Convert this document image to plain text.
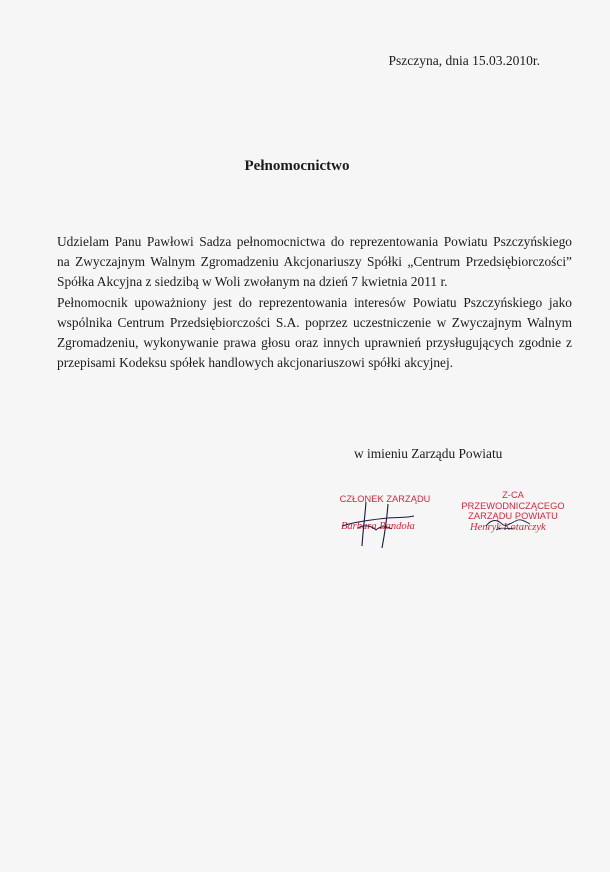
Pszczyna, dnia 15.03.2010r.
Pełnomocnictwo
Udzielam Panu Pawłowi Sadza pełnomocnictwa do reprezentowania Powiatu Pszczyńskiego
na Zwyczajnym Walnym Zgromadzeniu Akcjonariuszy Spółki „Centrum Przedsiębiorczości”
Spółka Akcyjna z siedzibą w Woli zwołanym na dzień 7 kwietnia 2011 r.
Pełnomocnik upoważniony jest do reprezentowania interesów Powiatu Pszczyńskiego jako
wspólnika Centrum Przedsiębiorczości S.A. poprzez uczestniczenie w Zwyczajnym Walnym
Zgromadzeniu, wykonywanie prawa głosu oraz innych uprawnień przysługujących zgodnie z
przepisami Kodeksu spółek handlowych akcjonariuszowi spółki akcyjnej.
w imieniu Zarządu Powiatu
CZŁONEK ZARZĄDU
Barbara Bandoła
Z-CA PRZEWODNICZĄCEGO
ZARZĄDU POWIATU
Henryk Kotarczyk
